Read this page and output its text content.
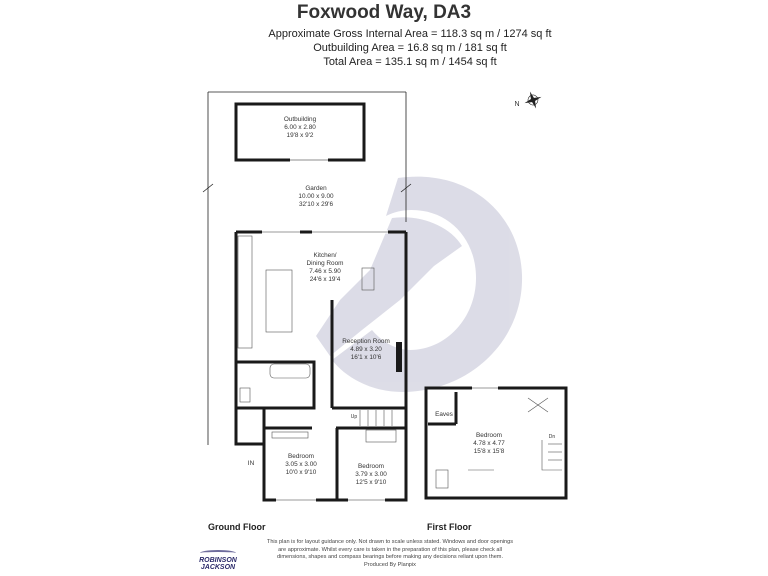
Foxwood Way, DA3
Approximate Gross Internal Area = 118.3 sq m / 1274 sq ft
Outbuilding Area = 16.8 sq m / 181 sq ft
Total Area = 135.1 sq m / 1454 sq ft
N
Outbuilding
6.00 x 2.80
19'8 x 9'2
Garden
10.00 x 9.00
32'10 x 29'6
Up
Kitchen/
Dining Room
7.46 x 5.90
24'6 x 19'4
Reception Room
4.89 x 3.20
16'1 x 10'6
Bedroom
3.05 x 3.00
10'0 x 9'10
Bedroom
3.79 x 3.00
12'5 x 9'10
IN
Eaves
Bedroom
4.78 x 4.77
15'8 x 15'8
Dn
Ground Floor	First Floor
This plan is for layout guidance only. Not drawn to scale unless stated. Windows and door openings
are approximate. Whilst every care is taken in the preparation of this plan, please check all
dimensions, shapes and compass bearings before making any decisions reliant upon them.
Produced By Planpix
ROBINSON
JACKSON
